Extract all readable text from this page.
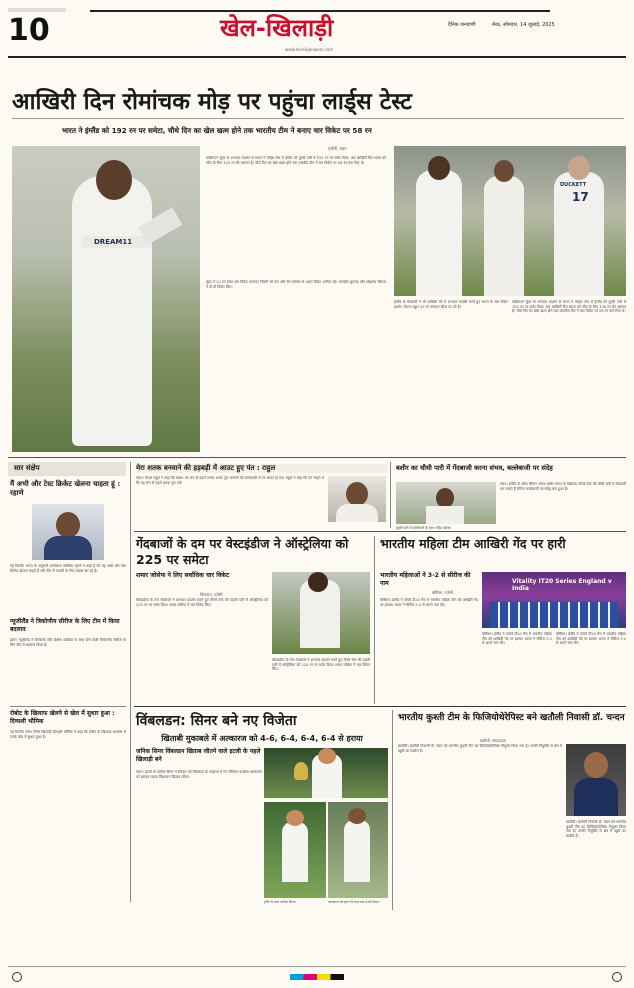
10	खेल-खिलाड़ी	दैनिक जनवाणी	मेरठ, सोमवार, 14 जुलाई, 2025
www.dainikjanwani.com
आखिरी दिन रोमांचक मोड़ पर पहुंचा लार्ड्स टेस्ट
भारत ने इंग्लैंड को 192 रन पर समेटा, चौथे दिन का खेल खत्म होने तक भारतीय टीम ने बनाए चार विकेट पर 58 रन
DREAM11
एजेंसी, लंदन
वाशिंगटन सुंदर के शानदार प्रदर्शन से भारत ने लॉर्ड्स टेस्ट में इंग्लैंड को दूसरी पारी में 192 रन पर समेट दिया। अब आखिरी दिन भारत को जीत के लिए 135 रन की जरूरत है। चौथे दिन का खेल खत्म होने तक भारतीय टीम ने चार विकेट पर 58 रन बना लिए थे।
सुंदर ने 22 रन देकर चार विकेट चटकाए जिसमें जो रूट और बेन स्टोक्स के अहम विकेट शामिल रहे। जसप्रीत बुमराह और मोहम्मद सिराज ने दो-दो विकेट लिए।
17
DUCKETT
इंग्लैंड के गेंदबाजों ने भी आखिरी घंटे में शानदार वापसी करते हुए भारत के चार विकेट झटके। केएल राहुल 33 रन बनाकर क्रीज पर डटे हैं।
वाशिंगटन सुंदर के शानदार प्रदर्शन से भारत ने लॉर्ड्स टेस्ट में इंग्लैंड को दूसरी पारी में 192 रन पर समेट दिया। अब आखिरी दिन भारत को जीत के लिए 135 रन की जरूरत है। चौथे दिन का खेल खत्म होने तक भारतीय टीम ने चार विकेट पर 58 रन बना लिए थे।
सार संक्षेप
मैं अभी और टेस्ट क्रिकेट खेलना चाहता हूं : रहाणे
नई दिल्ली। भारत के अनुभवी बल्लेबाज अजिंक्य रहाणे ने कहा है कि वह अभी और टेस्ट क्रिकेट खेलना चाहते हैं और टीम में वापसी के लिए प्रयास कर रहे हैं।
न्यूजीलैंड ने त्रिकोणीय सीरीज के लिए टीम में किया बदलाव
हरारे। न्यूजीलैंड ने जिम्बाब्वे और दक्षिण अफ्रीका के साथ होने वाली त्रिकोणीय सीरीज के लिए टीम में बदलाव किया है।
रोबोट के खिलाफ खेलने से खेल में सुधार हुआ : दिव्यशी भौमिक
नई दिल्ली। टेबल टेनिस खिलाड़ी दिव्यशी भौमिक ने कहा कि रोबोट के खिलाफ अभ्यास से उनके खेल में सुधार हुआ है।
मेरा शतक बनवाने की हड़बड़ी में आउट हुए पंत : राहुल
लंदन। केएल राहुल ने कहा कि ऋषभ पंत लंच से पहले उनका शतक पूरा करवाने की जल्दबाजी में रन आउट हो गए। राहुल ने कहा कि पंत चाहते थे कि वह लंच से पहले शतक पूरा करें।
बशीर का चौथी पारी में गेंदबाजी करना संभव, बल्लेबाजी पर संदेह
लंदन। इंग्लैंड के ऑफ स्पिनर शोएब बशीर भारत के खिलाफ तीसरे टेस्ट की चौथी पारी में गेंदबाजी कर सकते हैं लेकिन बल्लेबाजी पर संदेह बना हुआ है।
दूसरी पारी में बाज़ीस्टर्स के साथ रवींद्र जडेजा।
गेंदबाजों के दम पर वेस्टइंडीज ने ऑस्ट्रेलिया को 225 पर समेटा
शमार जोसेफ ने लिए सर्वाधिक चार विकेट
किंग्सटन, एजेंसी
वेस्टइंडीज के तेज गेंदबाजों ने शानदार प्रदर्शन करते हुए तीसरे टेस्ट की पहली पारी में ऑस्ट्रेलिया को 225 रन पर समेट दिया। शमार जोसेफ ने चार विकेट लिए।
वेस्टइंडीज के तेज गेंदबाजों ने शानदार प्रदर्शन करते हुए तीसरे टेस्ट की पहली पारी में ऑस्ट्रेलिया को 225 रन पर समेट दिया। शमार जोसेफ ने चार विकेट लिए।
भारतीय महिला टीम आखिरी गेंद पर हारी
भारतीय महिलाओं ने 3-2 से सीरीज की नाम
बर्मिंघम, एजेंसी
बर्मिंघम। इंग्लैंड ने पांचवें टी20 मैच में भारतीय महिला टीम को आखिरी गेंद पर हराया। भारत ने सीरीज 3-2 से अपने नाम की।
Vitality IT20 Series England v India
बर्मिंघम। इंग्लैंड ने पांचवें टी20 मैच में भारतीय महिला टीम को आखिरी गेंद पर हराया। भारत ने सीरीज 3-2 से अपने नाम की।
बर्मिंघम। इंग्लैंड ने पांचवें टी20 मैच में भारतीय महिला टीम को आखिरी गेंद पर हराया। भारत ने सीरीज 3-2 से अपने नाम की।
विंबलडन: सिनर बने नए विजेता
खिताबी मुकाबले में अल्कारज को 4-6, 6-4, 6-4, 6-4 से हराया
जनिक सिनर विंबलडन खिताब जीतने वाले इटली के पहले खिलाड़ी बने
लंदन। इटली के यानिक सिनर ने रविवार को विंबलडन के फाइनल में गत चैंपियन कार्लोस अल्कारज को हराकर पहला विंबलडन खिताब जीता।
ट्रॉफी के साथ यानिक सिनर।	अल्कारज को हराने के बाद जश्न मनाते सिनर।
भारतीय कुश्ती टीम के फिजियोथेरेपिस्ट बने खतौली निवासी डॉ. चन्दन
खतौली, संवाददाता
खतौली। खतौली निवासी डॉ. चंदन को भारतीय कुश्ती टीम का फिजियोथेरेपिस्ट नियुक्त किया गया है। उनकी नियुक्ति से क्षेत्र में खुशी का माहौल है।
खतौली। खतौली निवासी डॉ. चंदन को भारतीय कुश्ती टीम का फिजियोथेरेपिस्ट नियुक्त किया गया है। उनकी नियुक्ति से क्षेत्र में खुशी का माहौल है।
